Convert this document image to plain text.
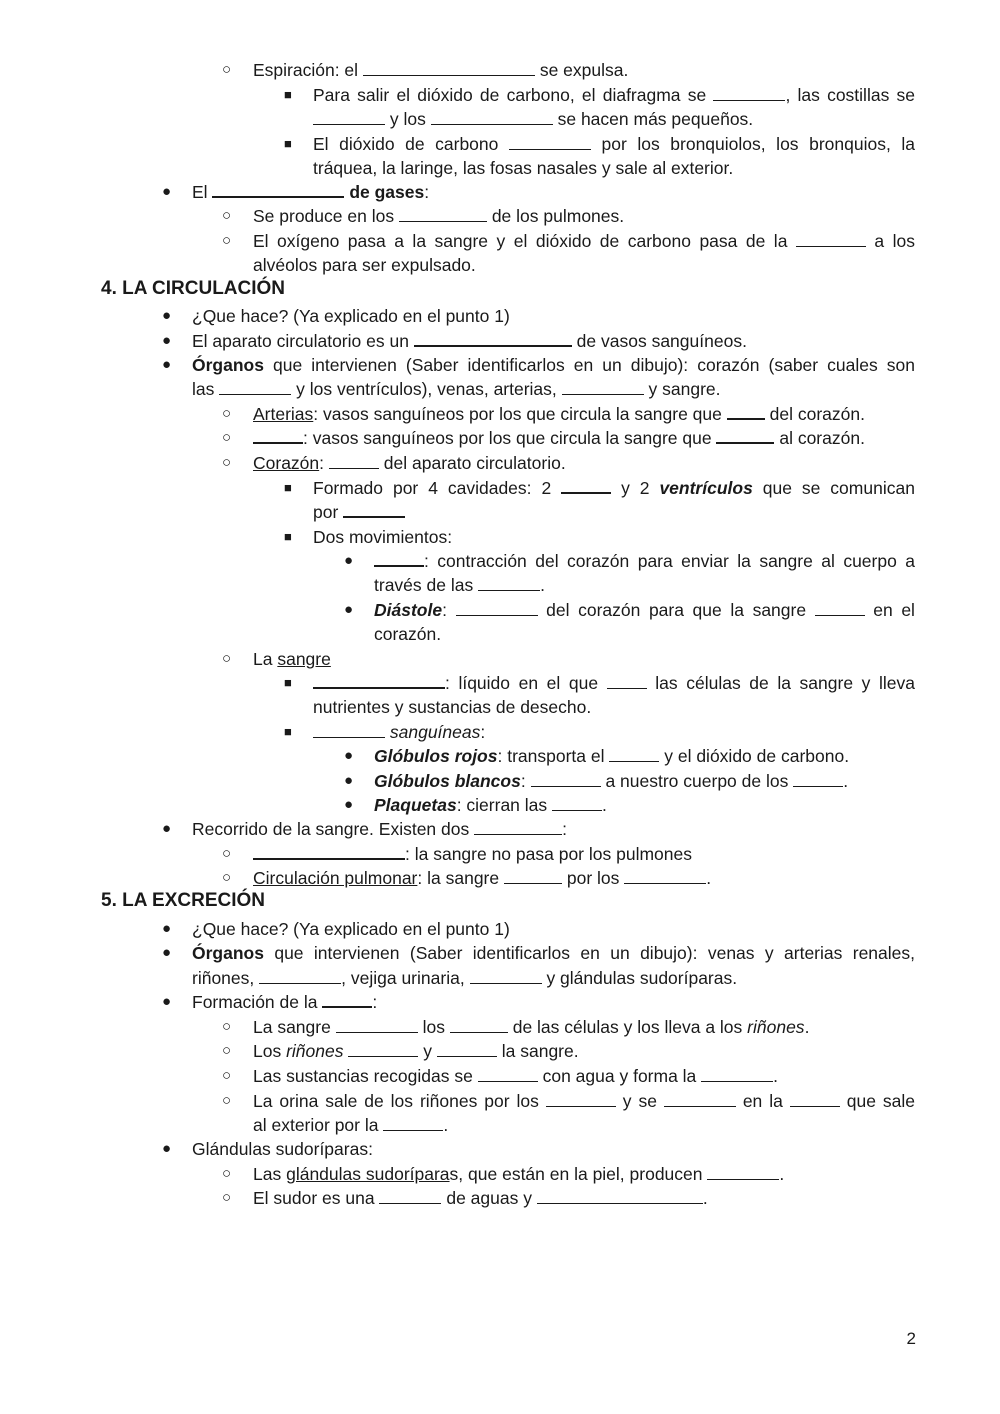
○ Espiración: el	se expulsa.
■ Para salir el dióxido de carbono, el diafragma se	, las costillas se
y los	se hacen más pequeños.
■ El dióxido de carbono	por los bronquiolos, los bronquios, la
tráquea, la laringe, las fosas nasales y sale al exterior.
● El	de gases:
○ Se produce en los	de los pulmones.
○ El oxígeno pasa a la sangre y el dióxido de carbono pasa de la	a los
alvéolos para ser expulsado.
4. LA CIRCULACIÓN
● ¿Que hace? (Ya explicado en el punto 1)
● El aparato circulatorio es un	de vasos sanguíneos.
● Órganos que intervienen (Saber identificarlos en un dibujo): corazón (saber cuales son
las	y los ventrículos), venas, arterias,	y sangre.
○ Arterias: vasos sanguíneos por los que circula la sangre que	del corazón.
○	: vasos sanguíneos por los que circula la sangre que	al corazón.
○ Corazón:	del aparato circulatorio.
■ Formado por 4 cavidades: 2	y 2 ventrículos que se comunican
por
■ Dos movimientos:
●	: contracción del corazón para enviar la sangre al cuerpo a
través de las	.
● Diástole:	del corazón para que la sangre	en el
corazón.
○ La sangre
■	: líquido en el que	las células de la sangre y lleva
nutrientes y sustancias de desecho.
■	sanguíneas:
● Glóbulos rojos: transporta el	y el dióxido de carbono.
● Glóbulos blancos:	a nuestro cuerpo de los	.
● Plaquetas: cierran las	.
● Recorrido de la sangre. Existen dos	:
○	: la sangre no pasa por los pulmones
○ Circulación pulmonar: la sangre	por los	.
5. LA EXCRECIÓN
● ¿Que hace? (Ya explicado en el punto 1)
● Órganos que intervienen (Saber identificarlos en un dibujo): venas y arterias renales,
riñones,	, vejiga urinaria,	y glándulas sudoríparas.
● Formación de la	:
○ La sangre	los	de las células y los lleva a los riñones.
○ Los riñones	y	la sangre.
○ Las sustancias recogidas se	con agua y forma la	.
○ La orina sale de los riñones por los	y se	en la	que sale
al exterior por la	.
● Glándulas sudoríparas:
○ Las glándulas sudoríparas, que están en la piel, producen	.
○ El sudor es una	de aguas y	.
2
